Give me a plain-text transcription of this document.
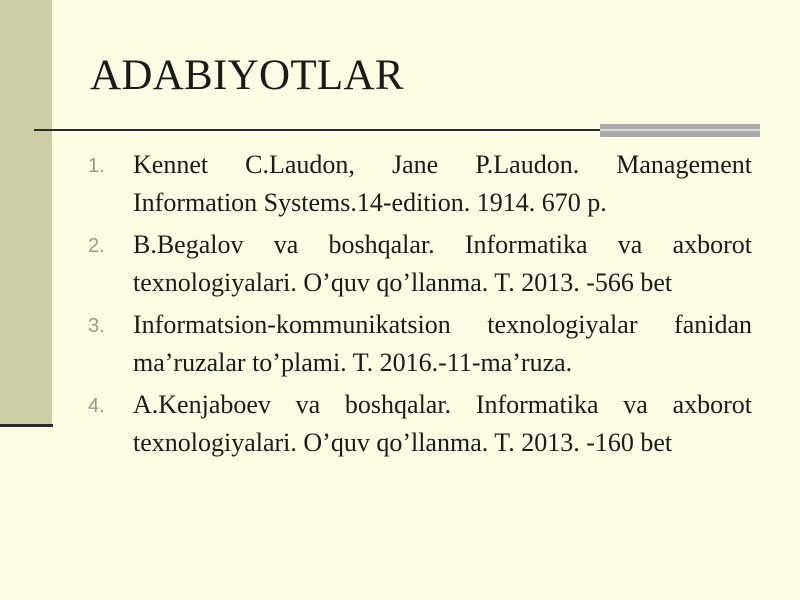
ADABIYOTLAR
1. Kennet C.Laudon, Jane P.Laudon. Management Information Systems.14-edition. 1914. 670 p.
2. B.Begalov va boshqalar. Informatika va axborot texnologiyalari. O’quv qo’llanma. T. 2013. -566 bet
3. Informatsion-kommunikatsion texnologiyalar fanidan ma’ruzalar to’plami. T. 2016.-11-ma’ruza.
4. A.Kenjaboev va boshqalar. Informatika va axborot texnologiyalari. O’quv qo’llanma. T. 2013. -160 bet
